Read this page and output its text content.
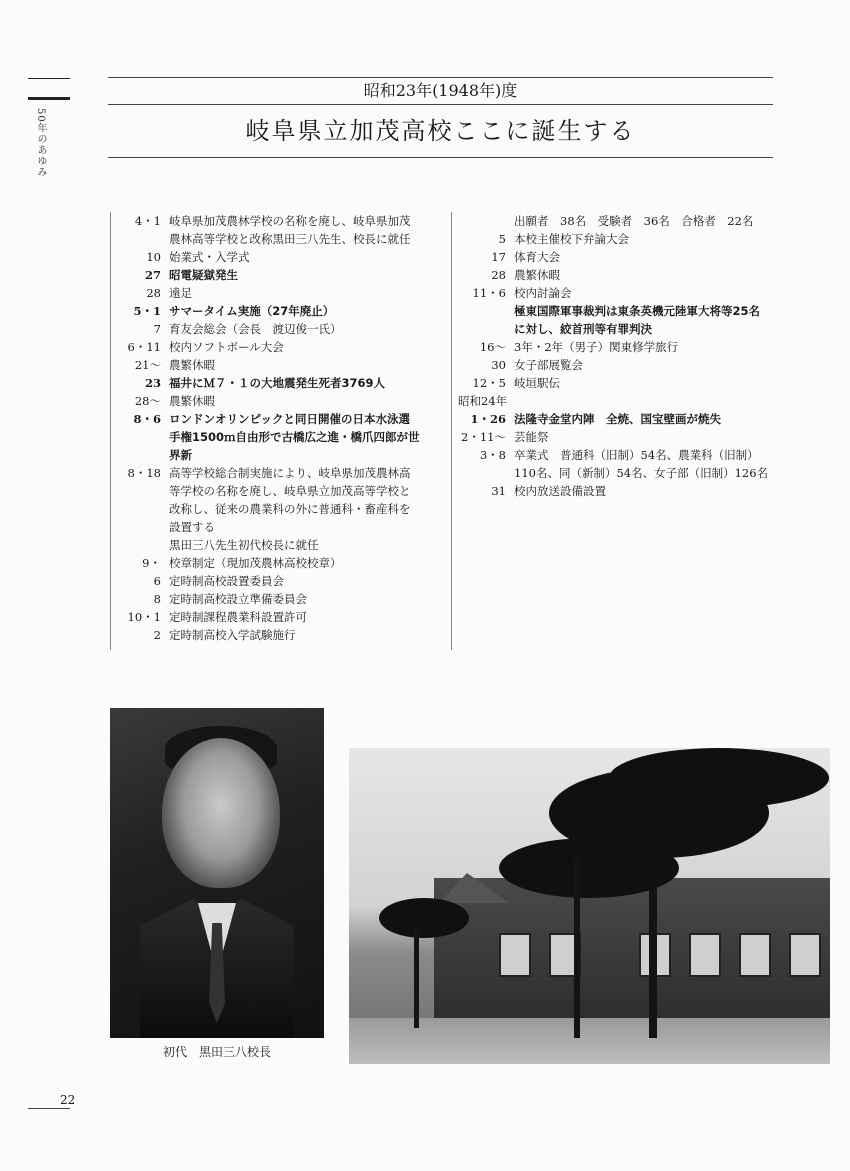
50年のあゆみ
昭和23年(1948年)度
岐阜県立加茂高校ここに誕生する
4・1 岐阜県加茂農林学校の名称を廃し、岐阜県加茂
農林高等学校と改称黒田三八先生、校長に就任
10 始業式・入学式
27 昭電疑獄発生
28 遠足
5・1 サマータイム実施（27年廃止）
7 育友会総会（会長　渡辺俊一氏）
6・11 校内ソフトボール大会
21～ 農繁休暇
23 福井にＭ７・１の大地震発生死者3769人
28～ 農繁休暇
8・6 ロンドンオリンピックと同日開催の日本水泳選
手権1500ｍ自由形で古橋広之進・橋爪四郎が世
界新
8・18 高等学校総合制実施により、岐阜県加茂農林高
等学校の名称を廃し、岐阜県立加茂高等学校と
改称し、従来の農業科の外に普通科・畜産科を
設置する
黒田三八先生初代校長に就任
9・ 校章制定（現加茂農林高校校章）
6 定時制高校設置委員会
8 定時制高校設立準備委員会
10・1 定時制課程農業科設置許可
2 定時制高校入学試験施行
出願者　38名　受験者　36名　合格者　22名
5 本校主催校下弁論大会
17 体育大会
28 農繁休暇
11・6 校内討論会
極東国際軍事裁判は東条英機元陸軍大将等25名
に対し、絞首刑等有罪判決
16～ 3年・2年（男子）関東修学旅行
30 女子部展覧会
12・5 岐垣駅伝
昭和24年
1・26 法隆寺金堂内陣　全焼、国宝壁画が焼失
2・11～ 芸能祭
3・8 卒業式　普通科（旧制）54名、農業科（旧制）
110名、同（新制）54名、女子部（旧制）126名
31 校内放送設備設置
初代　黒田三八校長
22
